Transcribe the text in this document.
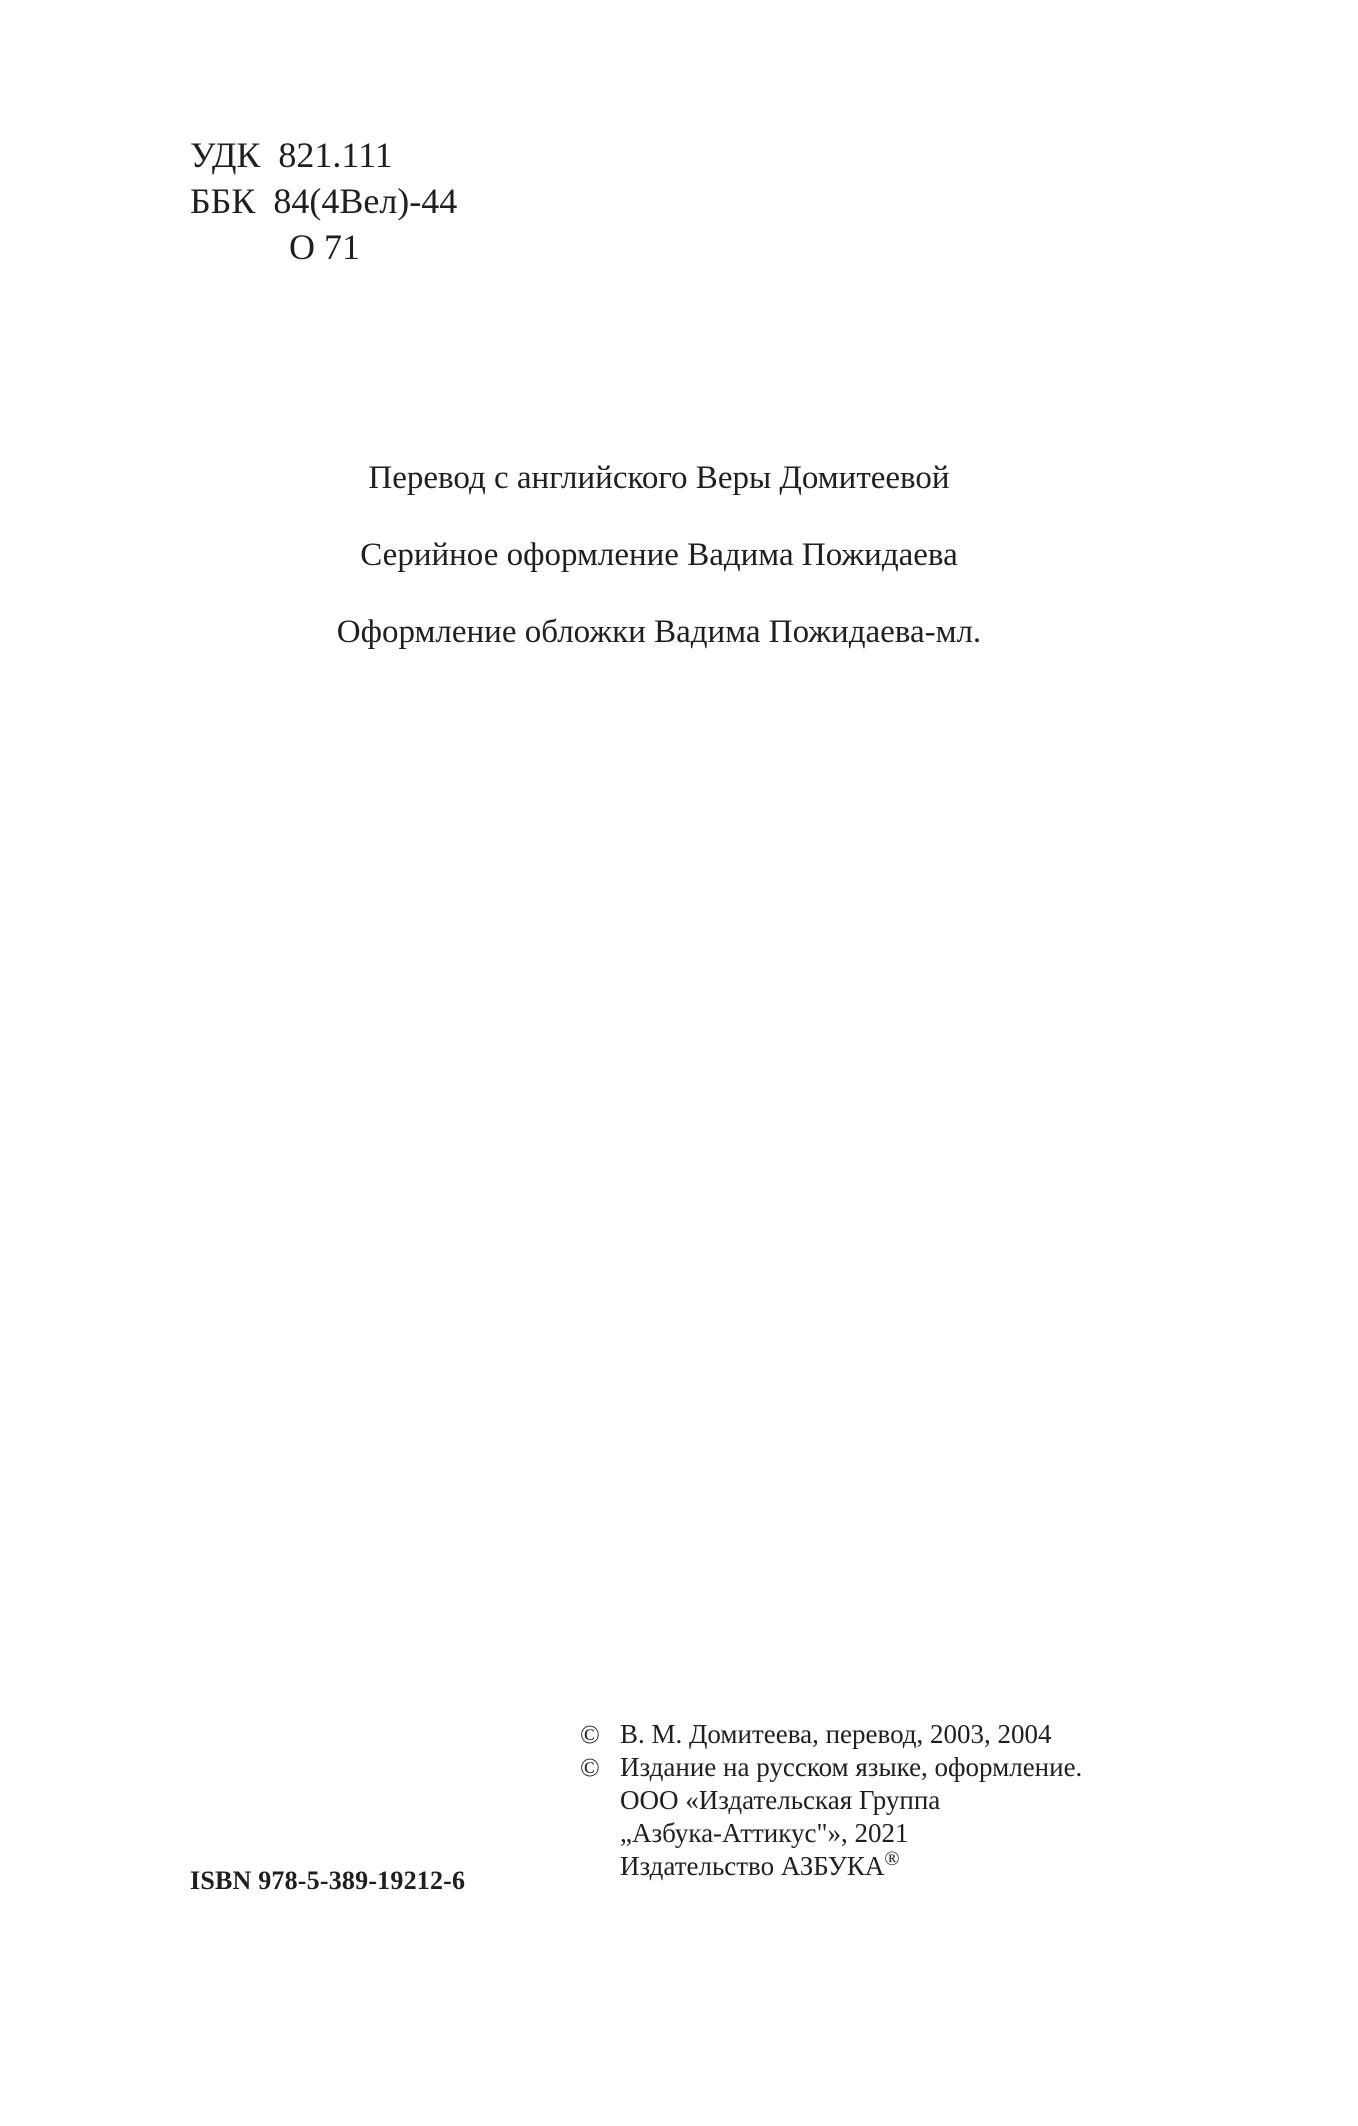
УДК 821.111
ББК 84(4Вел)-44
О 71

Перевод с английского Веры Домитеевой

Серийное оформление Вадима Пожидаева

Оформление обложки Вадима Пожидаева-мл.

© В. М. Домитеева, перевод, 2003, 2004
© Издание на русском языке, оформление.
ООО «Издательская Группа
„Азбука-Аттикус"», 2021
Издательство АЗБУКА®
ISBN 978-5-389-19212-6
